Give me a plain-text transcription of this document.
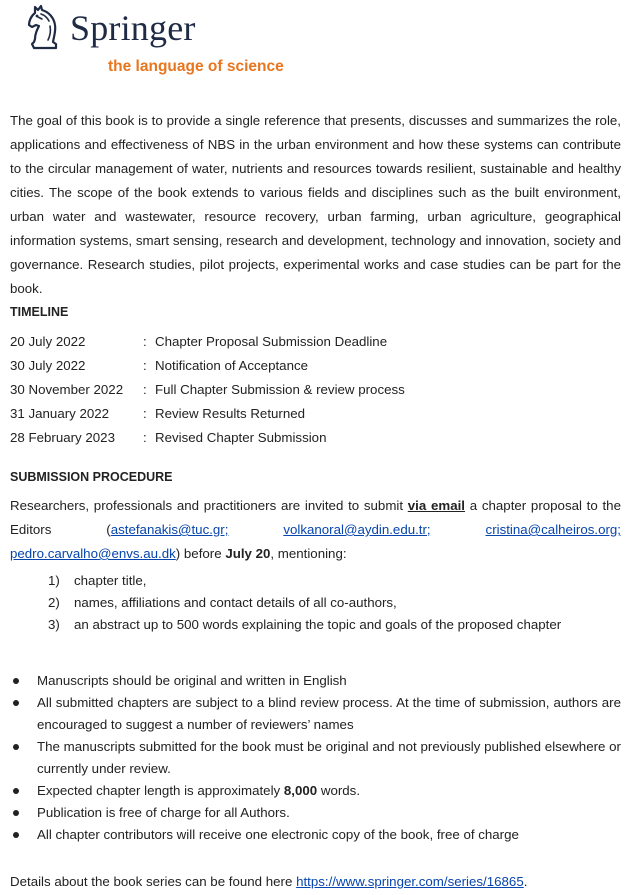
Springer
the language of science
The goal of this book is to provide a single reference that presents, discusses and summarizes the role, applications and effectiveness of NBS in the urban environment and how these systems can contribute to the circular management of water, nutrients and resources towards resilient, sustainable and healthy cities. The scope of the book extends to various fields and disciplines such as the built environment, urban water and wastewater, resource recovery, urban farming, urban agriculture, geographical information systems, smart sensing, research and development, technology and innovation, society and governance. Research studies, pilot projects, experimental works and case studies can be part for the book.
TIMELINE
20 July 2022	: Chapter Proposal Submission Deadline
30 July 2022	: Notification of Acceptance
30 November 2022	: Full Chapter Submission & review process
31 January 2022	: Review Results Returned
28 February 2023	: Revised Chapter Submission
SUBMISSION PROCEDURE
Researchers, professionals and practitioners are invited to submit via email a chapter proposal to the Editors (astefanakis@tuc.gr;	volkanoral@aydin.edu.tr;	cristina@calheiros.org; pedro.carvalho@envs.au.dk) before July 20, mentioning:
1)	chapter title,
2)	names, affiliations and contact details of all co-authors,
3)	an abstract up to 500 words explaining the topic and goals of the proposed chapter
Manuscripts should be original and written in English
All submitted chapters are subject to a blind review process. At the time of submission, authors are encouraged to suggest a number of reviewers’ names
The manuscripts submitted for the book must be original and not previously published elsewhere or currently under review.
Expected chapter length is approximately 8,000 words.
Publication is free of charge for all Authors.
All chapter contributors will receive one electronic copy of the book, free of charge
Details about the book series can be found here https://www.springer.com/series/16865.
